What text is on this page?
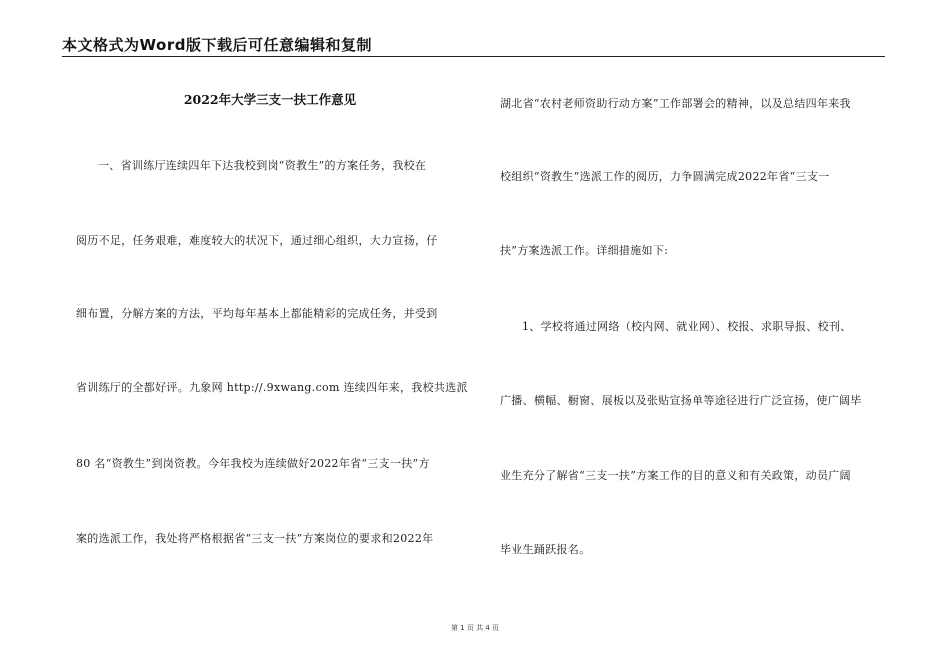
本文格式为Word版下载后可任意编辑和复制
2022年大学三支一扶工作意见
一、省训练厅连续四年下达我校到岗“资教生”的方案任务，我校在
阅历不足，任务艰难，难度较大的状况下，通过细心组织，大力宣扬，仔
细布置，分解方案的方法，平均每年基本上都能精彩的完成任务，并受到
省训练厅的全都好评。九象网 http://.9xwang.com 连续四年来，我校共选派
80 名“资教生”到岗资教。今年我校为连续做好2022年省“三支一扶”方
案的选派工作，我处将严格根据省“三支一扶”方案岗位的要求和2022年
湖北省“农村老师资助行动方案”工作部署会的精神，以及总结四年来我
校组织“资教生”选派工作的阅历，力争圆满完成2022年省“三支一
扶”方案选派工作。详细措施如下:
1、学校将通过网络（校内网、就业网）、校报、求职导报、校刊、
广播、横幅、橱窗、展板以及张贴宣扬单等途径进行广泛宣扬，使广阔毕
业生充分了解省“三支一扶”方案工作的目的意义和有关政策，动员广阔
毕业生踊跃报名。
第 1 页 共 4 页
